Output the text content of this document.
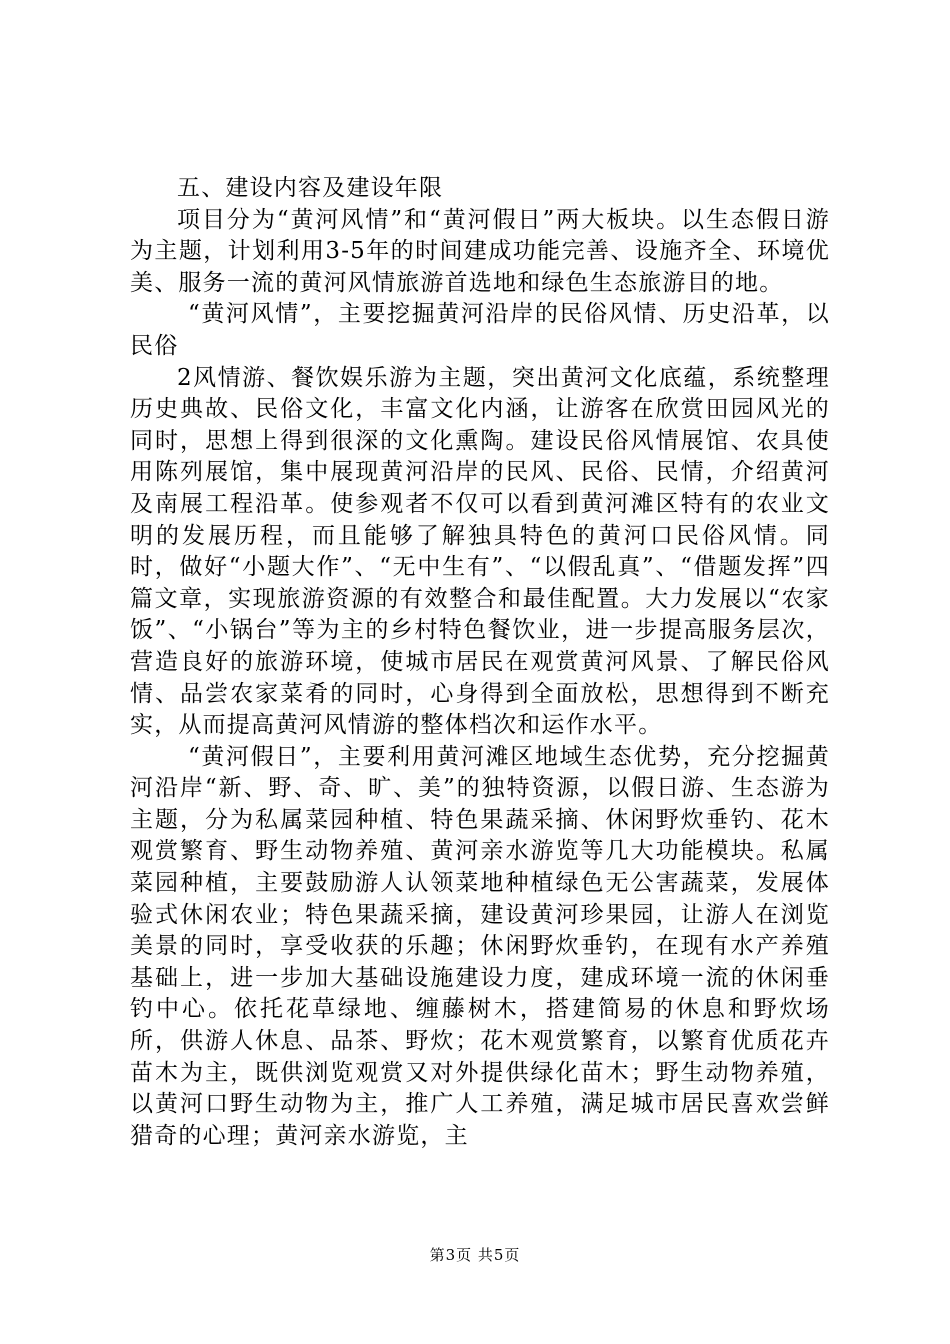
五、建设内容及建设年限

项目分为“黄河风情”和“黄河假日”两大板块。以生态假日游为主题，计划利用3-5年的时间建成功能完善、设施齐全、环境优美、服务一流的黄河风情旅游首选地和绿色生态旅游目的地。

“黄河风情”，主要挖掘黄河沿岸的民俗风情、历史沿革，以民俗

2风情游、餐饮娱乐游为主题，突出黄河文化底蕴，系统整理历史典故、民俗文化，丰富文化内涵，让游客在欣赏田园风光的同时，思想上得到很深的文化熏陶。建设民俗风情展馆、农具使用陈列展馆，集中展现黄河沿岸的民风、民俗、民情，介绍黄河及南展工程沿革。使参观者不仅可以看到黄河滩区特有的农业文明的发展历程，而且能够了解独具特色的黄河口民俗风情。同时，做好“小题大作”、“无中生有”、“以假乱真”、“借题发挥”四篇文章，实现旅游资源的有效整合和最佳配置。大力发展以“农家饭”、“小锅台”等为主的乡村特色餐饮业，进一步提高服务层次，营造良好的旅游环境，使城市居民在观赏黄河风景、了解民俗风情、品尝农家菜肴的同时，心身得到全面放松，思想得到不断充实，从而提高黄河风情游的整体档次和运作水平。

“黄河假日”，主要利用黄河滩区地域生态优势，充分挖掘黄河沿岸“新、野、奇、旷、美”的独特资源，以假日游、生态游为主题，分为私属菜园种植、特色果蔬采摘、休闲野炊垂钓、花木观赏繁育、野生动物养殖、黄河亲水游览等几大功能模块。私属菜园种植，主要鼓励游人认领菜地种植绿色无公害蔬菜，发展体验式休闲农业；特色果蔬采摘，建设黄河珍果园，让游人在浏览美景的同时，享受收获的乐趣；休闲野炊垂钓，在现有水产养殖基础上，进一步加大基础设施建设力度，建成环境一流的休闲垂钓中心。依托花草绿地、缠藤树木，搭建简易的休息和野炊场所，供游人休息、品茶、野炊；花木观赏繁育，以繁育优质花卉苗木为主，既供浏览观赏又对外提供绿化苗木；野生动物养殖，以黄河口野生动物为主，推广人工养殖，满足城市居民喜欢尝鲜猎奇的心理；黄河亲水游览，主

第3页 共5页
